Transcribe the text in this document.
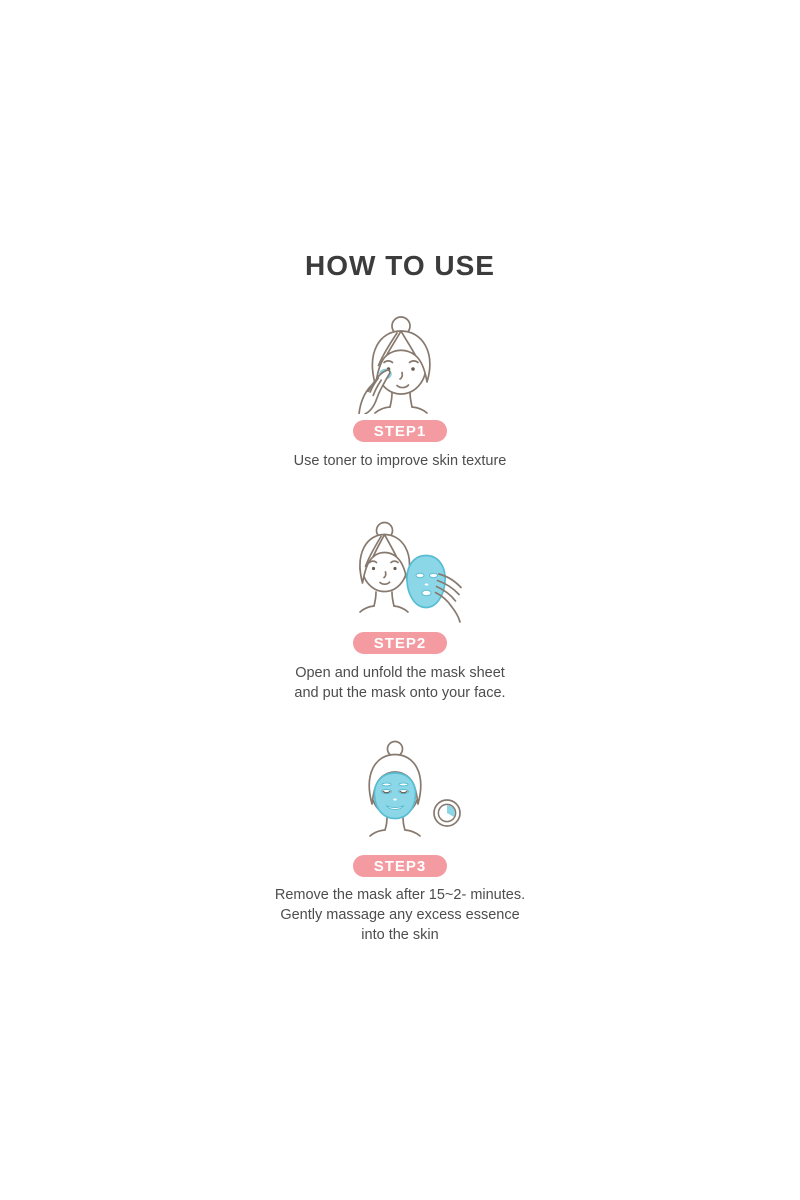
HOW TO USE
STEP1

Use toner to improve skin texture

STEP2

Open and unfold the mask sheet
and put the mask onto your face.

STEP3

Remove the mask after 15~2- minutes.
Gently massage any excess essence
into the skin
